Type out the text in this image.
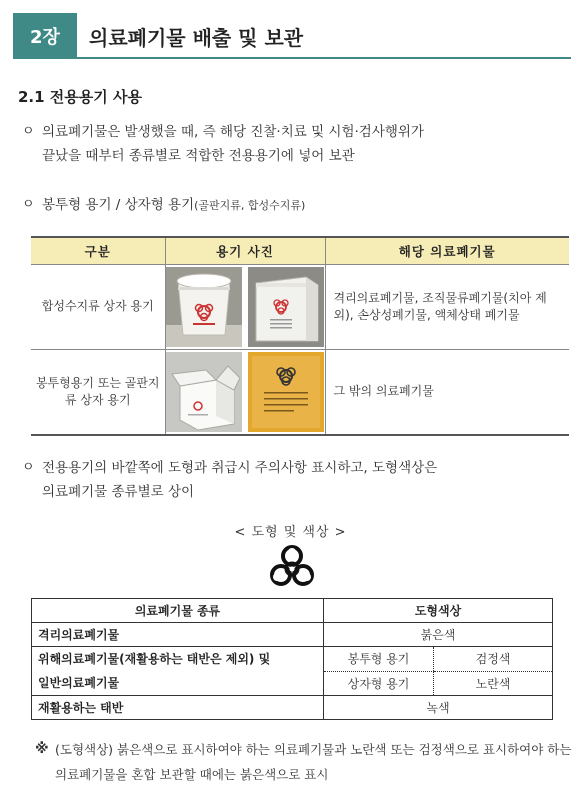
2장	의료폐기물 배출 및 보관
2.1 전용용기 사용
ㅇ 의료폐기물은 발생했을 때, 즉 해당 진찰·치료 및 시험·검사행위가
끝났을 때부터 종류별로 적합한 전용용기에 넣어 보관
ㅇ 봉투형 용기 / 상자형 용기(골판지류, 합성수지류)
구분	용기 사진	해당 의료폐기물
합성수지류 상자 용기		격리의료폐기물, 조직물류폐기물(치아 제외), 손상성폐기물, 액체상태 폐기물
봉투형용기 또는 골판지류 상자 용기		그 밖의 의료폐기물
ㅇ 전용용기의 바깥쪽에 도형과 취급시 주의사항 표시하고, 도형색상은
의료폐기물 종류별로 상이
< 도형 및 색상 >
의료폐기물 종류	도형색상	
격리의료폐기물	붉은색	

위해의료폐기물(재활용하는 태반은 제외) 및
일반의료폐기물	봉투형 용기	검정색
	상자형 용기	노란색
재활용하는 태반	녹색	
※ (도형색상) 붉은색으로 표시하여야 하는 의료폐기물과 노란색 또는 검정색으로 표시하여야 하는 의료폐기물을 혼합 보관할 때에는 붉은색으로 표시
